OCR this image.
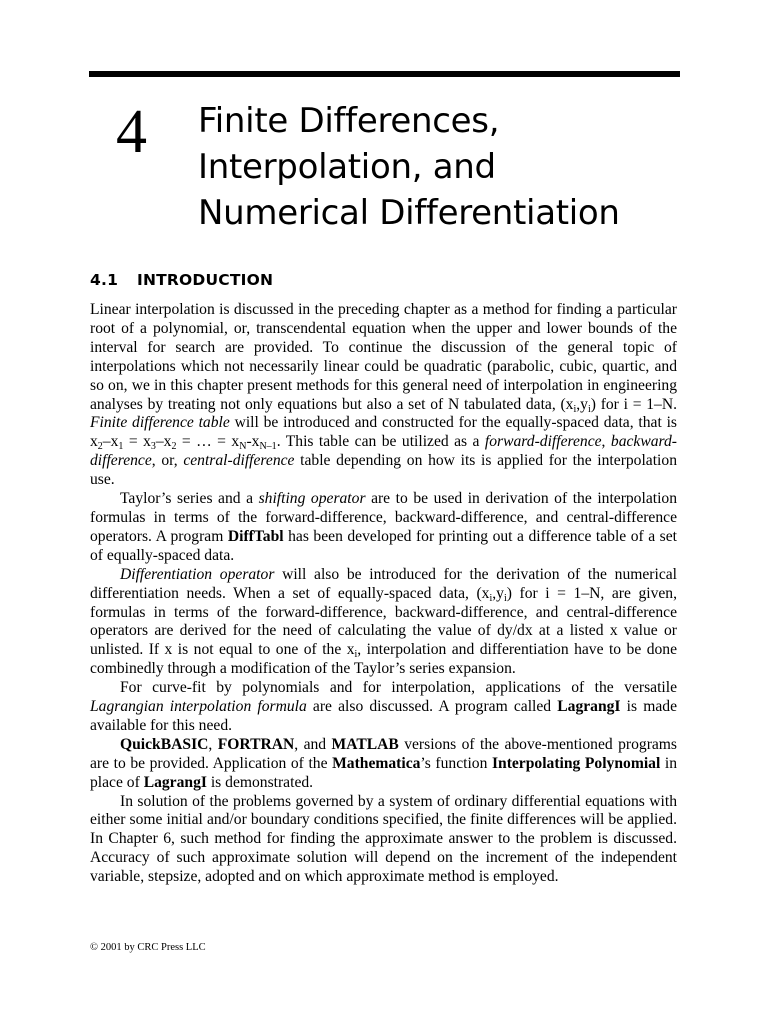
4 Finite Differences,
Interpolation, and
Numerical Differentiation
4.1 INTRODUCTION

Linear interpolation is discussed in the preceding chapter as a method for finding a particular root of a polynomial, or, transcendental equation when the upper and lower bounds of the interval for search are provided. To continue the discussion of the general topic of interpolations which not necessarily linear could be quadratic (parabolic, cubic, quartic, and so on, we in this chapter present methods for this general need of interpolation in engineering analyses by treating not only equations but also a set of N tabulated data, $(x_i,y_i)$ for i = 1–N. Finite difference table will be introduced and constructed for the equally-spaced data, that is $x_2-x_1 = x_3-x_2$ = … = $x_N-x_{N-1}$. This table can be utilized as a forward-difference, backward- difference, or, central-difference table depending on how its is applied for the interpolation use.

Taylor’s series and a shifting operator are to be used in derivation of the interpolation formulas in terms of the forward-difference, backward-difference, and central-difference operators. A program DiffTabl has been developed for printing out a difference table of a set of equally-spaced data.

Differentiation operator will also be introduced for the derivation of the numerical differentiation needs. When a set of equally-spaced data, $(x_i,y_i)$ for i = 1–N, are given, formulas in terms of the forward-difference, backward-difference, and central-difference operators are derived for the need of calculating the value of dy/dx at a listed x value or unlisted. If x is not equal to one of the $x_i$, interpolation and differentiation have to be done combinedly through a modification of the Taylor’s series expansion.

For curve-fit by polynomials and for interpolation, applications of the versatile Lagrangian interpolation formula are also discussed. A program called LagrangI is made available for this need.

QuickBASIC, FORTRAN, and MATLAB versions of the above-mentioned programs are to be provided. Application of the Mathematica’s function Interpolating Polynomial in place of LagrangI is demonstrated.

In solution of the problems governed by a system of ordinary differential equations with either some initial and/or boundary conditions specified, the finite differences will be applied. In Chapter 6, such method for finding the approximate answer to the problem is discussed. Accuracy of such approximate solution will depend on the increment of the independent variable, stepsize, adopted and on which approximate method is employed.

© 2001 by CRC Press LLC
